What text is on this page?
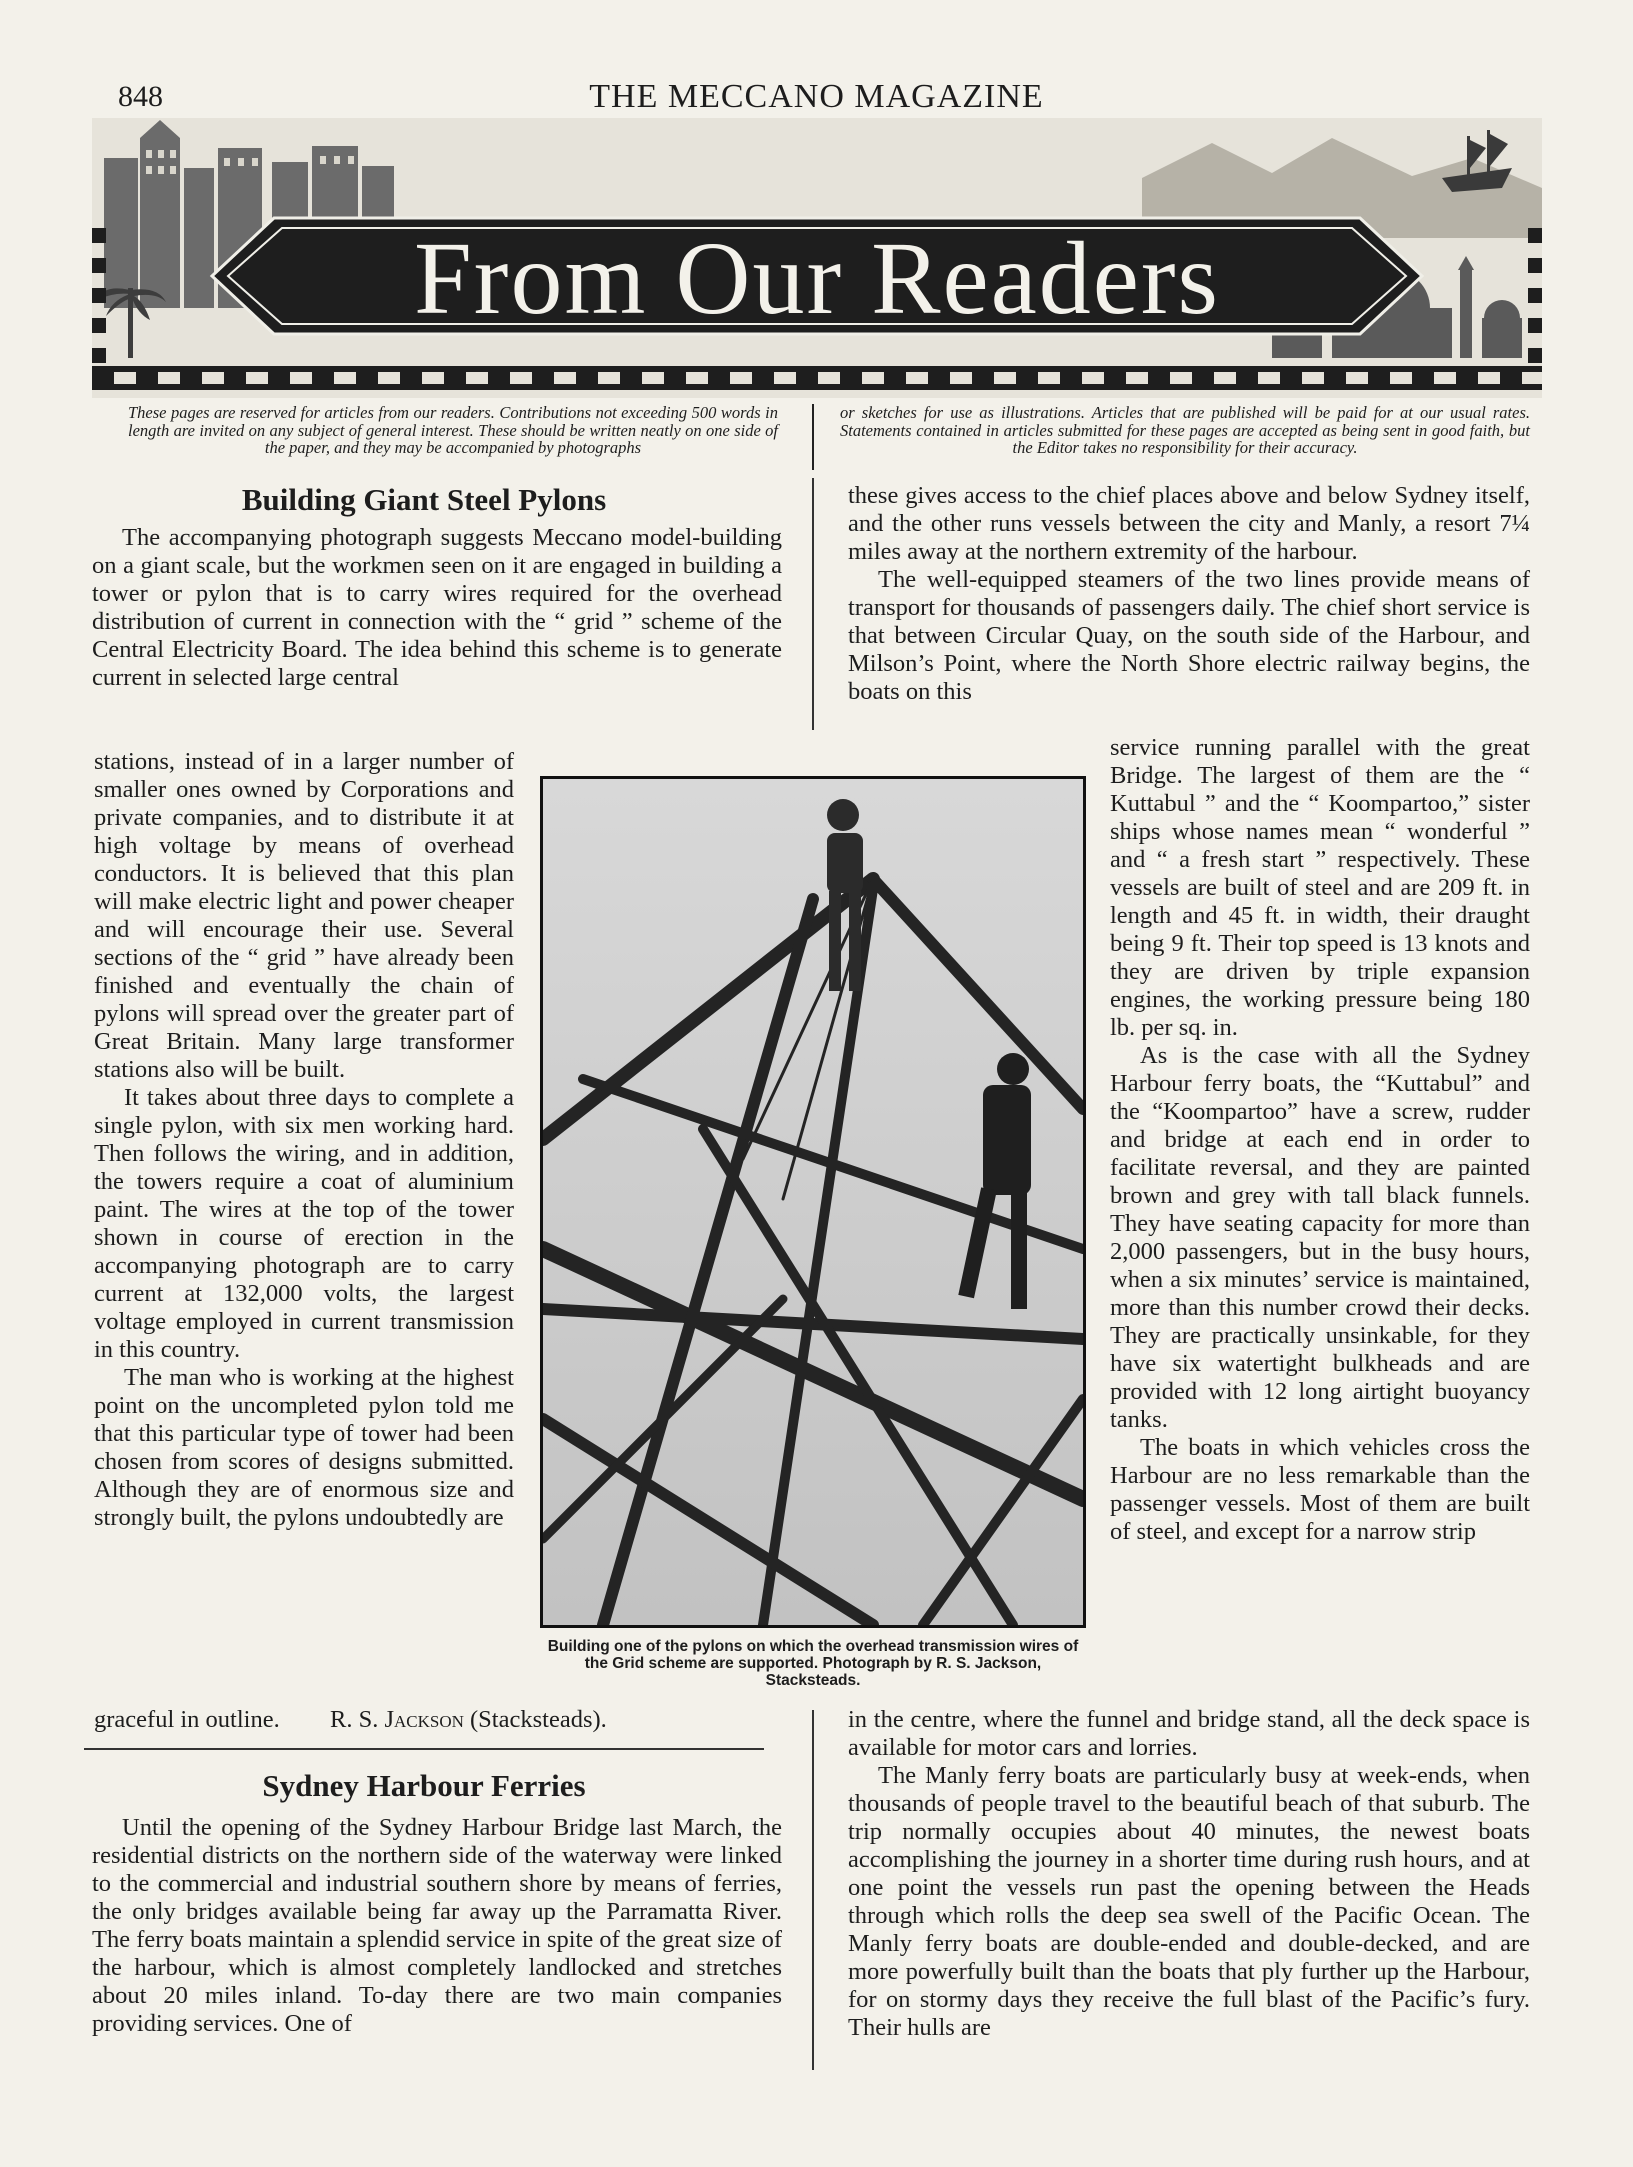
848	THE MECCANO MAGAZINE
From Our Readers
These pages are reserved for articles from our readers. Contributions not exceeding 500 words in length are invited on any subject of general interest. These should be written neatly on one side of the paper, and they may be accompanied by photographs
or sketches for use as illustrations. Articles that are published will be paid for at our usual rates. Statements contained in articles submitted for these pages are accepted as being sent in good faith, but the Editor takes no responsibility for their accuracy.
Building Giant Steel Pylons

The accompanying photograph suggests Meccano model-building on a giant scale, but the workmen seen on it are engaged in building a tower or pylon that is to carry wires required for the overhead distribution of current in connection with the “ grid ” scheme of the Central Electricity Board. The idea behind this scheme is to generate current in selected large central

stations, instead of in a larger number of smaller ones owned by Corporations and private companies, and to distribute it at high voltage by means of overhead conductors. It is believed that this plan will make electric light and power cheaper and will encourage their use. Several sections of the “ grid ” have already been finished and eventually the chain of pylons will spread over the greater part of Great Britain. Many large transformer stations also will be built.

It takes about three days to complete a single pylon, with six men working hard. Then follows the wiring, and in addition, the towers require a coat of aluminium paint. The wires at the top of the tower shown in course of erection in the accompanying photograph are to carry current at 132,000 volts, the largest voltage employed in current transmission in this country.

The man who is working at the highest point on the uncompleted pylon told me that this particular type of tower had been chosen from scores of designs submitted. Although they are of enormous size and strongly built, the pylons undoubtedly are

graceful in outline. R. S. Jackson (Stacksteads).
Building one of the pylons on which the overhead transmission wires of the Grid scheme are supported. Photograph by R. S. Jackson, Stacksteads.
Sydney Harbour Ferries

Until the opening of the Sydney Harbour Bridge last March, the residential districts on the northern side of the waterway were linked to the commercial and industrial southern shore by means of ferries, the only bridges available being far away up the Parramatta River. The ferry boats maintain a splendid service in spite of the great size of the harbour, which is almost completely landlocked and stretches about 20 miles inland. To-day there are two main companies providing services. One of

these gives access to the chief places above and below Sydney itself, and the other runs vessels between the city and Manly, a resort 7¼ miles away at the northern extremity of the harbour.

The well-equipped steamers of the two lines provide means of transport for thousands of passengers daily. The chief short service is that between Circular Quay, on the south side of the Harbour, and Milson’s Point, where the North Shore electric railway begins, the boats on this

service running parallel with the great Bridge. The largest of them are the “ Kuttabul ” and the “ Koompartoo,” sister ships whose names mean “ wonderful ” and “ a fresh start ” respectively. These vessels are built of steel and are 209 ft. in length and 45 ft. in width, their draught being 9 ft. Their top speed is 13 knots and they are driven by triple expansion engines, the working pressure being 180 lb. per sq. in.

As is the case with all the Sydney Harbour ferry boats, the “Kuttabul” and the “Koompartoo” have a screw, rudder and bridge at each end in order to facilitate reversal, and they are painted brown and grey with tall black funnels. They have seating capacity for more than 2,000 passengers, but in the busy hours, when a six minutes’ service is maintained, more than this number crowd their decks. They are practically unsinkable, for they have six watertight bulkheads and are provided with 12 long airtight buoyancy tanks.

The boats in which vehicles cross the Harbour are no less remarkable than the passenger vessels. Most of them are built of steel, and except for a narrow strip

in the centre, where the funnel and bridge stand, all the deck space is available for motor cars and lorries.

The Manly ferry boats are particularly busy at week-ends, when thousands of people travel to the beautiful beach of that suburb. The trip normally occupies about 40 minutes, the newest boats accomplishing the journey in a shorter time during rush hours, and at one point the vessels run past the opening between the Heads through which rolls the deep sea swell of the Pacific Ocean. The Manly ferry boats are double-ended and double-decked, and are more powerfully built than the boats that ply further up the Harbour, for on stormy days they receive the full blast of the Pacific’s fury. Their hulls are
